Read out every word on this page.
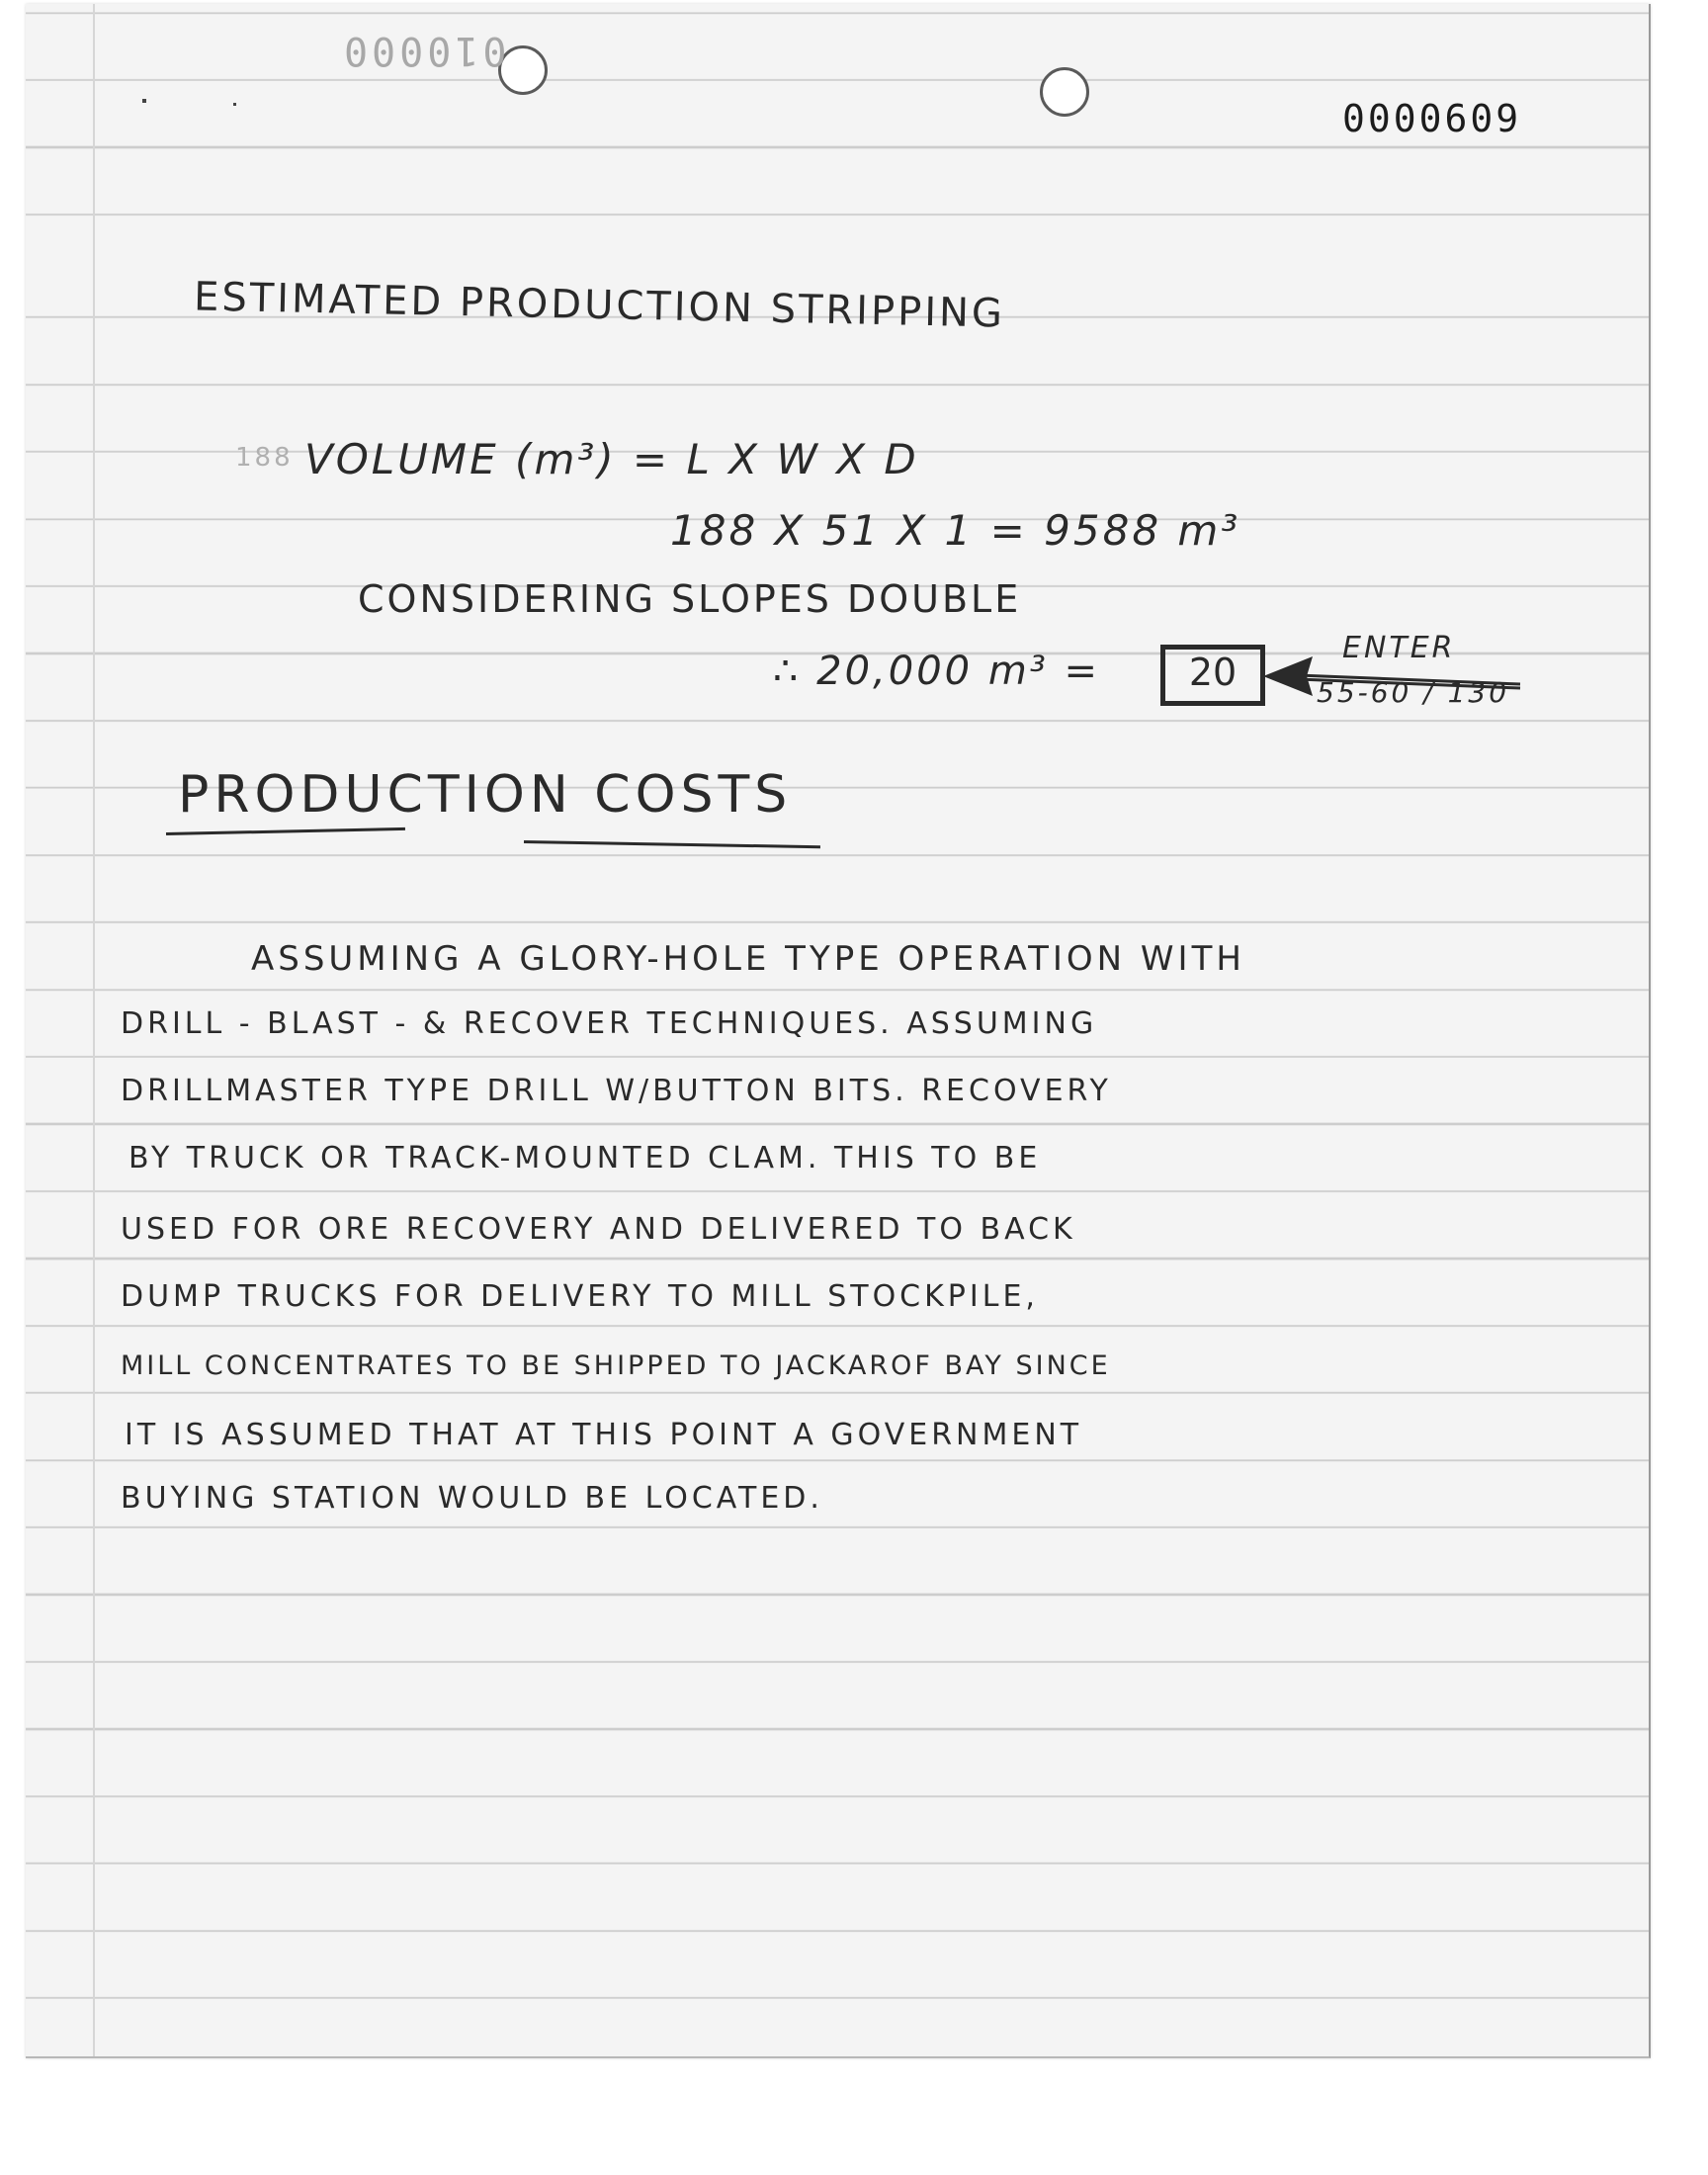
010000
0000609
ESTIMATED PRODUCTION STRIPPING
188 VOLUME (m³) = L X W X D
188 X 51 X 1 = 9588 m³
CONSIDERING SLOPES DOUBLE
∴ 20,000 m³ =	20
ENTER
55-60 / 130
PRODUCTION COSTS
ASSUMING A GLORY-HOLE TYPE OPERATION WITH
DRILL - BLAST - & RECOVER TECHNIQUES. ASSUMING
DRILLMASTER TYPE DRILL W/BUTTON BITS. RECOVERY
BY TRUCK OR TRACK-MOUNTED CLAM. THIS TO BE
USED FOR ORE RECOVERY AND DELIVERED TO BACK
DUMP TRUCKS FOR DELIVERY TO MILL STOCKPILE,
MILL CONCENTRATES TO BE SHIPPED TO JACKAROF BAY SINCE
IT IS ASSUMED THAT AT THIS POINT A GOVERNMENT
BUYING STATION WOULD BE LOCATED.
